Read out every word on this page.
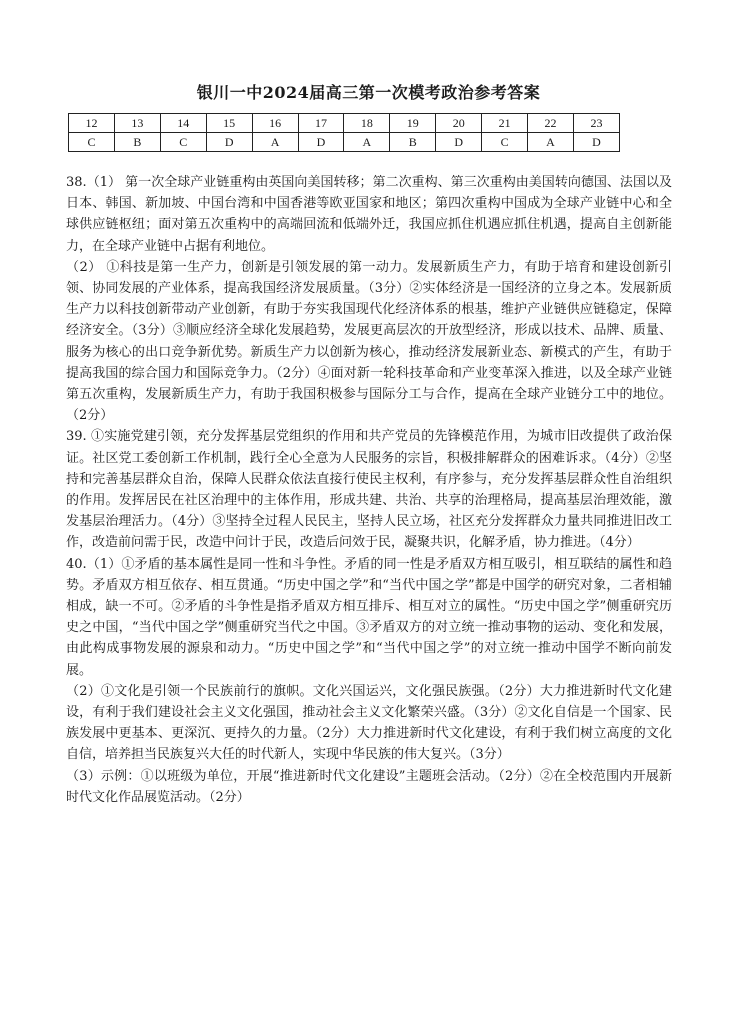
银川一中2024届高三第一次模考政治参考答案
12	13	14	15	16	17	18	19	20	21	22	23
C	B	C	D	A	D	A	B	D	C	A	D

38.（1） 第一次全球产业链重构由英国向美国转移；第二次重构、第三次重构由美国转向德国、法国以及日本、韩国、新加坡、中国台湾和中国香港等欧亚国家和地区；第四次重构中国成为全球产业链中心和全球供应链枢纽；面对第五次重构中的高端回流和低端外迁，我国应抓住机遇应抓住机遇，提高自主创新能力，在全球产业链中占据有利地位。

（2） ①科技是第一生产力，创新是引领发展的第一动力。发展新质生产力，有助于培育和建设创新引领、协同发展的产业体系，提高我国经济发展质量。（3分）②实体经济是一国经济的立身之本。发展新质生产力以科技创新带动产业创新，有助于夯实我国现代化经济体系的根基，维护产业链供应链稳定，保障经济安全。（3分）③顺应经济全球化发展趋势，发展更高层次的开放型经济，形成以技术、品牌、质量、服务为核心的出口竞争新优势。新质生产力以创新为核心，推动经济发展新业态、新模式的产生，有助于提高我国的综合国力和国际竞争力。（2分）④面对新一轮科技革命和产业变革深入推进，以及全球产业链第五次重构，发展新质生产力，有助于我国积极参与国际分工与合作，提高在全球产业链分工中的地位。（2分）

39. ①实施党建引领，充分发挥基层党组织的作用和共产党员的先锋模范作用，为城市旧改提供了政治保证。社区党工委创新工作机制，践行全心全意为人民服务的宗旨，积极排解群众的困难诉求。（4分）②坚持和完善基层群众自治，保障人民群众依法直接行使民主权利，有序参与，充分发挥基层群众性自治组织的作用。发挥居民在社区治理中的主体作用，形成共建、共治、共享的治理格局，提高基层治理效能，激发基层治理活力。（4分）③坚持全过程人民民主，坚持人民立场，社区充分发挥群众力量共同推进旧改工作，改造前问需于民，改造中问计于民，改造后问效于民，凝聚共识，化解矛盾，协力推进。（4分）

40.（1）①矛盾的基本属性是同一性和斗争性。矛盾的同一性是矛盾双方相互吸引，相互联结的属性和趋势。矛盾双方相互依存、相互贯通。“历史中国之学”和“当代中国之学”都是中国学的研究对象，二者相辅相成，缺一不可。②矛盾的斗争性是指矛盾双方相互排斥、相互对立的属性。“历史中国之学”侧重研究历史之中国，“当代中国之学”侧重研究当代之中国。③矛盾双方的对立统一推动事物的运动、变化和发展，由此构成事物发展的源泉和动力。“历史中国之学”和“当代中国之学”的对立统一推动中国学不断向前发展。

（2）①文化是引领一个民族前行的旗帜。文化兴国运兴，文化强民族强。（2分）大力推进新时代文化建设，有利于我们建设社会主义文化强国，推动社会主义文化繁荣兴盛。（3分）②文化自信是一个国家、民族发展中更基本、更深沉、更持久的力量。（2分）大力推进新时代文化建设，有利于我们树立高度的文化自信，培养担当民族复兴大任的时代新人，实现中华民族的伟大复兴。（3分）

（3）示例：①以班级为单位，开展“推进新时代文化建设”主题班会活动。（2分）②在全校范围内开展新时代文化作品展览活动。（2分）
